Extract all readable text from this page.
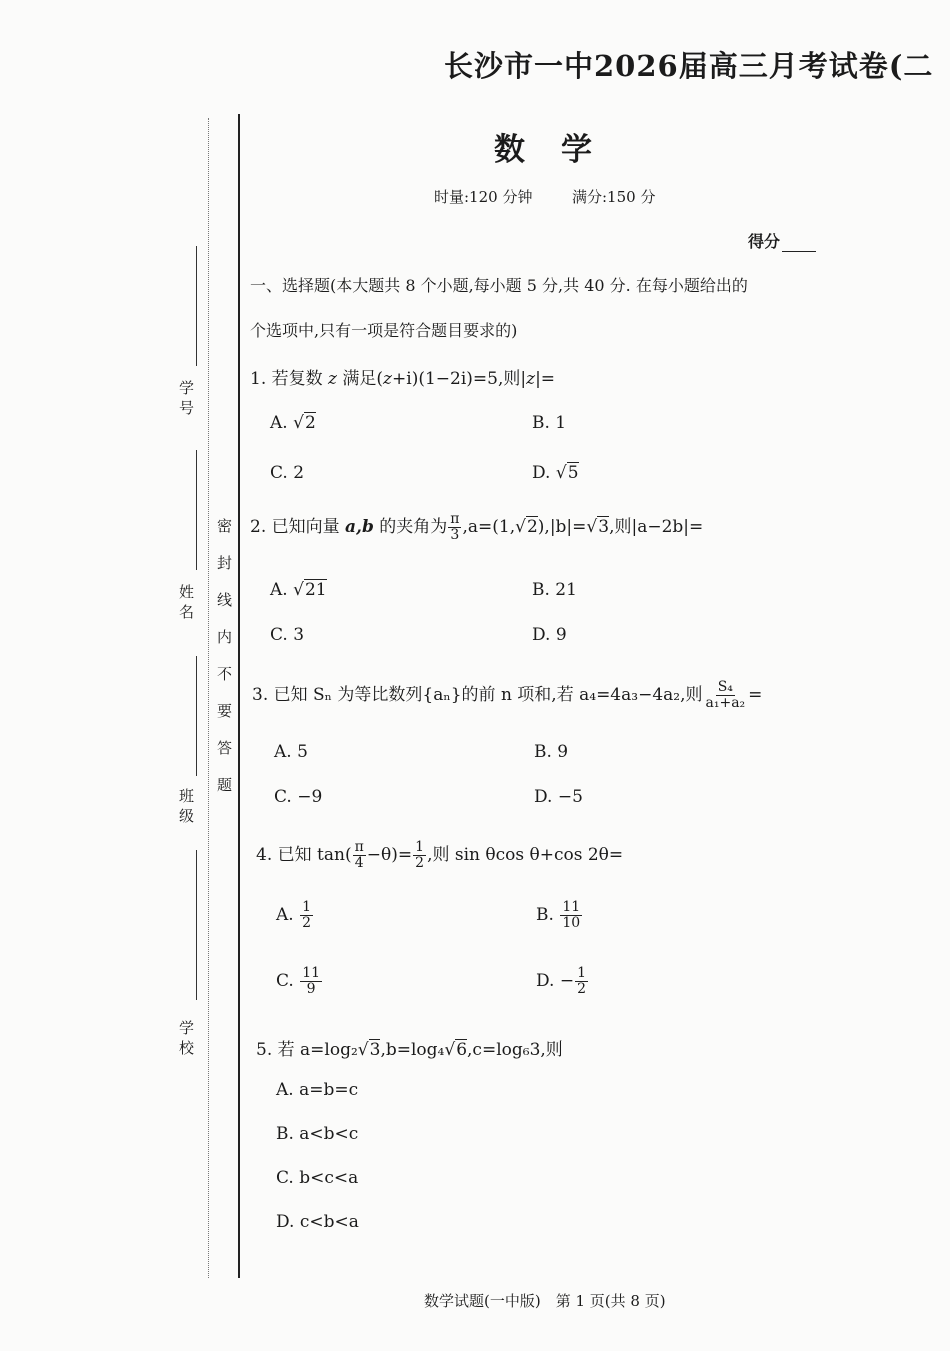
密封线内不要答题
学 号
姓 名
班 级
学 校
长沙市一中2026届高三月考试卷(二
数学
时量:120 分钟	满分:150 分
得分
一、选择题(本大题共 8 个小题,每小题 5 分,共 40 分. 在每小题给出的
个选项中,只有一项是符合题目要求的)
1. 若复数 z 满足(z+i)(1−2i)=5,则|z|=
A. √2	B. 1
C. 2	D. √5
2. 已知向量 a,b 的夹角为 $\frac{\pi}{3} ,a=(1,√2),|b|=√3$,则|a−2b|=
A. √21	B. 21
C. 3	D. 9
3. 已知 Sₙ 为等比数列{aₙ}的前 n 项和,若 a₄=4a₃−4a₂,则 $\frac{\text{S₄}}{\text{a₁+a₂}}$ =
A. 5	B. 9
C. −9	D. −5
4. 已知 $\tan( \frac{\pi}{4} -\theta)= \frac{1}{2}$ ,则 sin θcos θ+cos 2θ=
A. $\frac{1}{2}$	B. $\frac{11}{10}$
C. $\frac{11}{9}$	D. − $\frac{1}{2}$
5. 若 a=log₂√3,b=log₄√6,c=log₆3,则
A. a=b=c
B. a<b<c
C. b<c<a
D. c<b<a
数学试题(一中版)　第 1 页(共 8 页)
